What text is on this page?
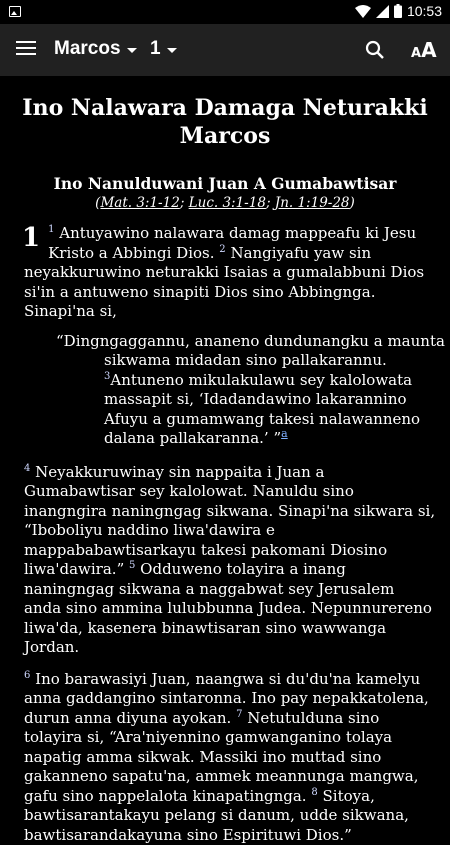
10:53
Marcos 1	AA
Ino Nalawara Damaga Neturakki Marcos
Ino Nanulduwani Juan A Gumabawtisar
(Mat. 3:1-12; Luc. 3:1-18; Jn. 1:19-28)
1 $^1$ Antuyawino nalawara damag mappeafu ki Jesu Kristo a Abbingi Dios. $^2$ Nangiyafu yaw sin neyakkuruwino neturakki Isaias a gumalabbuni Dios si'in a antuweno sinapiti Dios sino Abbingnga. Sinapi'na si,
“Dingngaggannu, ananeno dundunangku a maunta
sikwama midadan sino pallakarannu.
$^3$Antuneno mikulakulawu sey kalolowata
massapit si, ‘Idadandawino lakarannino
Afuyu a gumamwang takesi nalawanneno
dalana pallakaranna.’ ”$^a$
$^4$ Neyakkuruwinay sin nappaita i Juan a Gumabawtisar sey kalolowat. Nanuldu sino inangngira naningngag sikwana. Sinapi'na sikwara si, “Iboboliyu naddino liwa'dawira e mappababawtisarkayu takesi pakomani Diosino liwa'dawira.” $^5$ Odduweno tolayira a inang naningngag sikwana a naggabwat sey Jerusalem anda sino ammina lulubbunna Judea. Nepunnurereno liwa'da, kasenera binawtisaran sino wawwanga Jordan.
$^6$ Ino barawasiyi Juan, naangwa si du'du'na kamelyu anna gaddangino sintaronna. Ino pay nepakkatolena, durun anna diyuna ayokan. $^7$ Netutulduna sino tolayira si, “Ara'niyennino gamwanganino tolaya napatig amma sikwak. Massiki ino muttad sino gakanneno sapatu'na, ammek meannunga mangwa, gafu sino nappelalota kinapatingnga. $^8$ Sitoya, bawtisarantakayu pelang si danum, udde sikwana, bawtisarandakayuna sino Espirituwi Dios.”
